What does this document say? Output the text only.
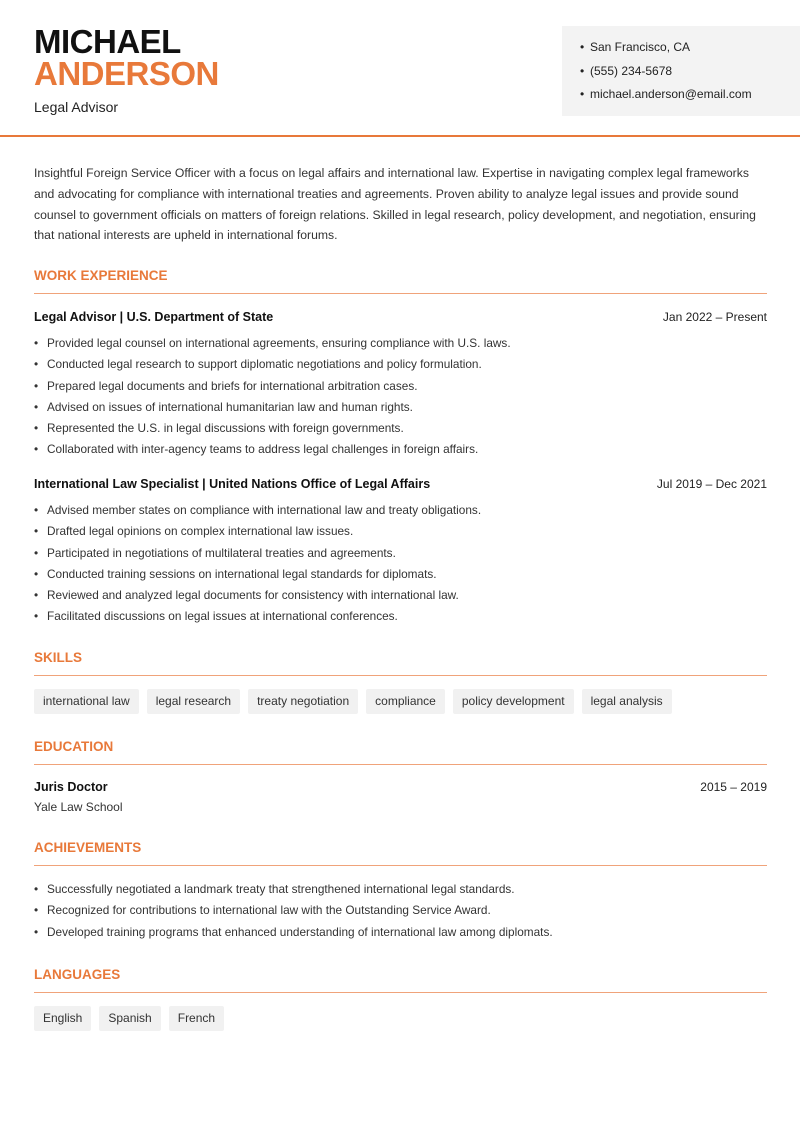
MICHAEL
ANDERSON
Legal Advisor
• San Francisco, CA
• (555) 234-5678
• michael.anderson@email.com
Insightful Foreign Service Officer with a focus on legal affairs and international law. Expertise in navigating complex legal frameworks and advocating for compliance with international treaties and agreements. Proven ability to analyze legal issues and provide sound counsel to government officials on matters of foreign relations. Skilled in legal research, policy development, and negotiation, ensuring that national interests are upheld in international forums.
WORK EXPERIENCE
Legal Advisor | U.S. Department of State	Jan 2022 – Present
• Provided legal counsel on international agreements, ensuring compliance with U.S. laws.
• Conducted legal research to support diplomatic negotiations and policy formulation.
• Prepared legal documents and briefs for international arbitration cases.
• Advised on issues of international humanitarian law and human rights.
• Represented the U.S. in legal discussions with foreign governments.
• Collaborated with inter-agency teams to address legal challenges in foreign affairs.
International Law Specialist | United Nations Office of Legal Affairs	Jul 2019 – Dec 2021
• Advised member states on compliance with international law and treaty obligations.
• Drafted legal opinions on complex international law issues.
• Participated in negotiations of multilateral treaties and agreements.
• Conducted training sessions on international legal standards for diplomats.
• Reviewed and analyzed legal documents for consistency with international law.
• Facilitated discussions on legal issues at international conferences.
SKILLS
international law	legal research	treaty negotiation	compliance	policy development	legal analysis
EDUCATION
Juris Doctor	2015 – 2019
Yale Law School
ACHIEVEMENTS
• Successfully negotiated a landmark treaty that strengthened international legal standards.
• Recognized for contributions to international law with the Outstanding Service Award.
• Developed training programs that enhanced understanding of international law among diplomats.
LANGUAGES
English	Spanish	French
